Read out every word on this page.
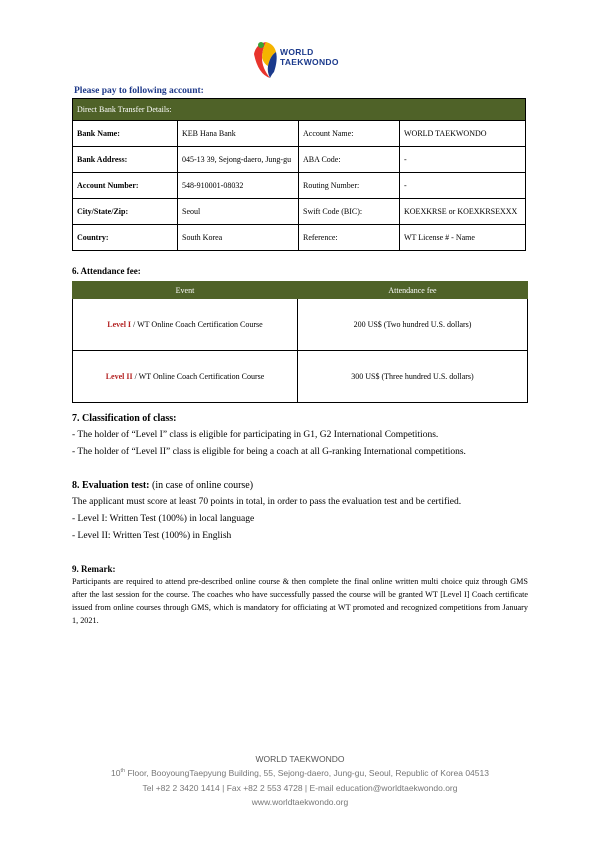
WORLD
TAEKWONDO
Please pay to following account:
Direct Bank Transfer Details:			
Bank Name:	KEB Hana Bank	Account Name:	WORLD TAEKWONDO
Bank Address:	045-13 39, Sejong-daero, Jung-gu	ABA Code:	-
Account Number:	548-910001-08032	Routing Number:	-
City/State/Zip:	Seoul	Swift Code (BIC):	KOEXKRSE or KOEXKRSEXXX
Country:	South Korea	Reference:	WT License # - Name
6. Attendance fee:
Event	Attendance fee
Level I / WT Online Coach Certification Course	200 US$ (Two hundred U.S. dollars)
Level II / WT Online Coach Certification Course	300 US$ (Three hundred U.S. dollars)
7. Classification of class:
- The holder of “Level I” class is eligible for participating in G1, G2 International Competitions.
- The holder of “Level II” class is eligible for being a coach at all G-ranking International competitions.
8. Evaluation test: (in case of online course)
The applicant must score at least 70 points in total, in order to pass the evaluation test and be certified.
- Level I: Written Test (100%) in local language
- Level II: Written Test (100%) in English
9. Remark:
Participants are required to attend pre-described online course & then complete the final online written multi choice quiz through GMS after the last session for the course. The coaches who have successfully passed the course will be granted WT [Level I] Coach certificate issued from online courses through GMS, which is mandatory for officiating at WT promoted and recognized competitions from January 1, 2021.
WORLD TAEKWONDO
10th Floor, BooyoungTaepyung Building, 55, Sejong-daero, Jung-gu, Seoul, Republic of Korea 04513
Tel +82 2 3420 1414 | Fax +82 2 553 4728 | E-mail education@worldtaekwondo.org
www.worldtaekwondo.org
